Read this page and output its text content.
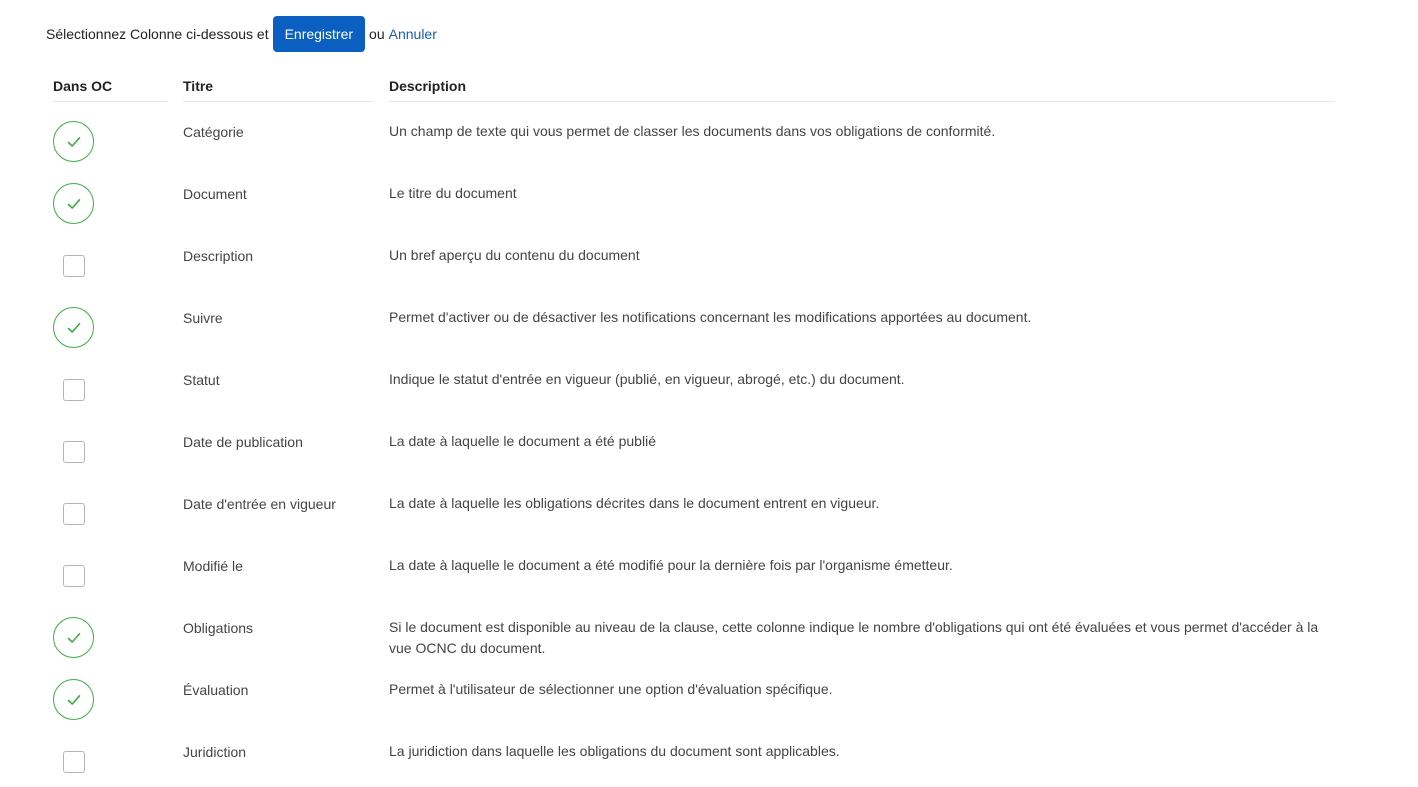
Sélectionnez Colonne ci-dessous et	Enregistrer	ou Annuler
Dans OC	Titre	Description
Catégorie	Un champ de texte qui vous permet de classer les documents dans vos obligations de conformité.
Document	Le titre du document
Description	Un bref aperçu du contenu du document
Suivre	Permet d'activer ou de désactiver les notifications concernant les modifications apportées au document.
Statut	Indique le statut d'entrée en vigueur (publié, en vigueur, abrogé, etc.) du document.
Date de publication	La date à laquelle le document a été publié
Date d'entrée en vigueur	La date à laquelle les obligations décrites dans le document entrent en vigueur.
Modifié le	La date à laquelle le document a été modifié pour la dernière fois par l'organisme émetteur.
Obligations	Si le document est disponible au niveau de la clause, cette colonne indique le nombre d'obligations qui ont été évaluées et vous permet d'accéder à la vue OCNC du document.
Évaluation	Permet à l'utilisateur de sélectionner une option d'évaluation spécifique.
Juridiction	La juridiction dans laquelle les obligations du document sont applicables.
